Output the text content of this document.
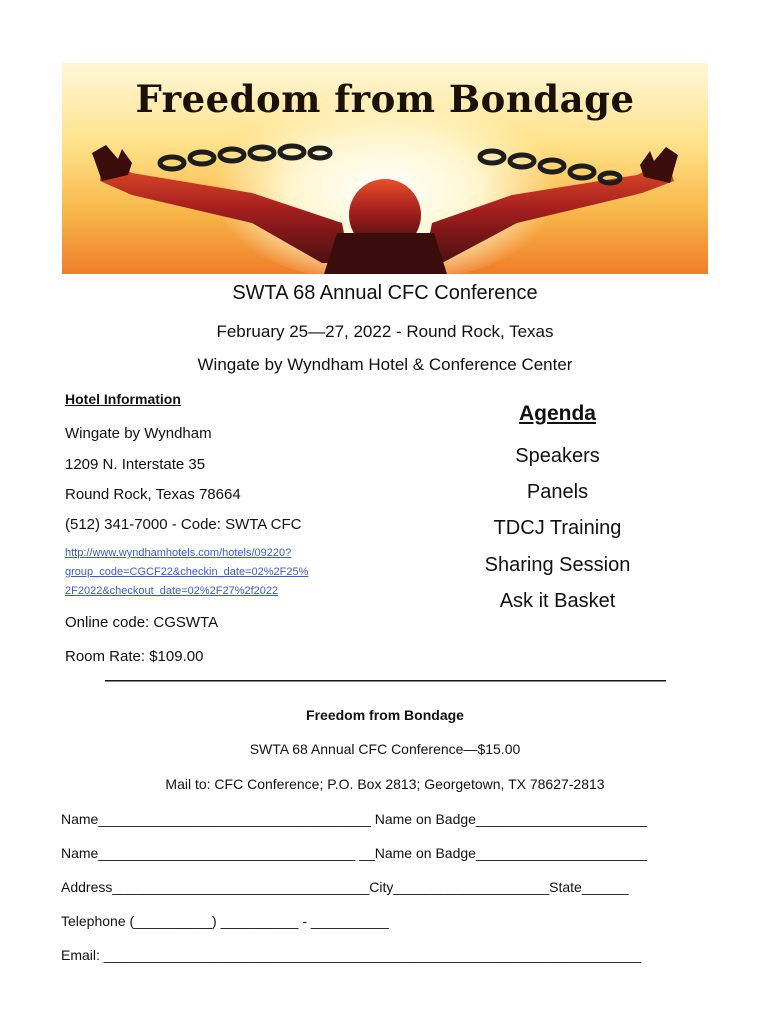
Freedom from Bondage
SWTA 68 Annual CFC Conference
February 25—27, 2022 - Round Rock, Texas
Wingate by Wyndham Hotel & Conference Center
Hotel Information
Wingate by Wyndham
1209 N. Interstate 35
Round Rock, Texas 78664
(512) 341-7000 - Code: SWTA CFC
http://www.wyndhamhotels.com/hotels/09220?
group_code=CGCF22&checkin_date=02%2F25%
2F2022&checkout_date=02%2F27%2f2022
Online code: CGSWTA
Room Rate: $109.00
Agenda
Speakers
Panels
TDCJ Training
Sharing Session
Ask it Basket
————————————————————————————————————————
Freedom from Bondage
SWTA 68 Annual CFC Conference—$15.00
Mail to: CFC Conference; P.O. Box 2813; Georgetown, TX 78627-2813
Name___________________________________ Name on Badge______________________
Name_________________________________ __Name on Badge______________________
Address_________________________________City____________________State______
Telephone (__________) __________ - __________
Email: _____________________________________________________________________
